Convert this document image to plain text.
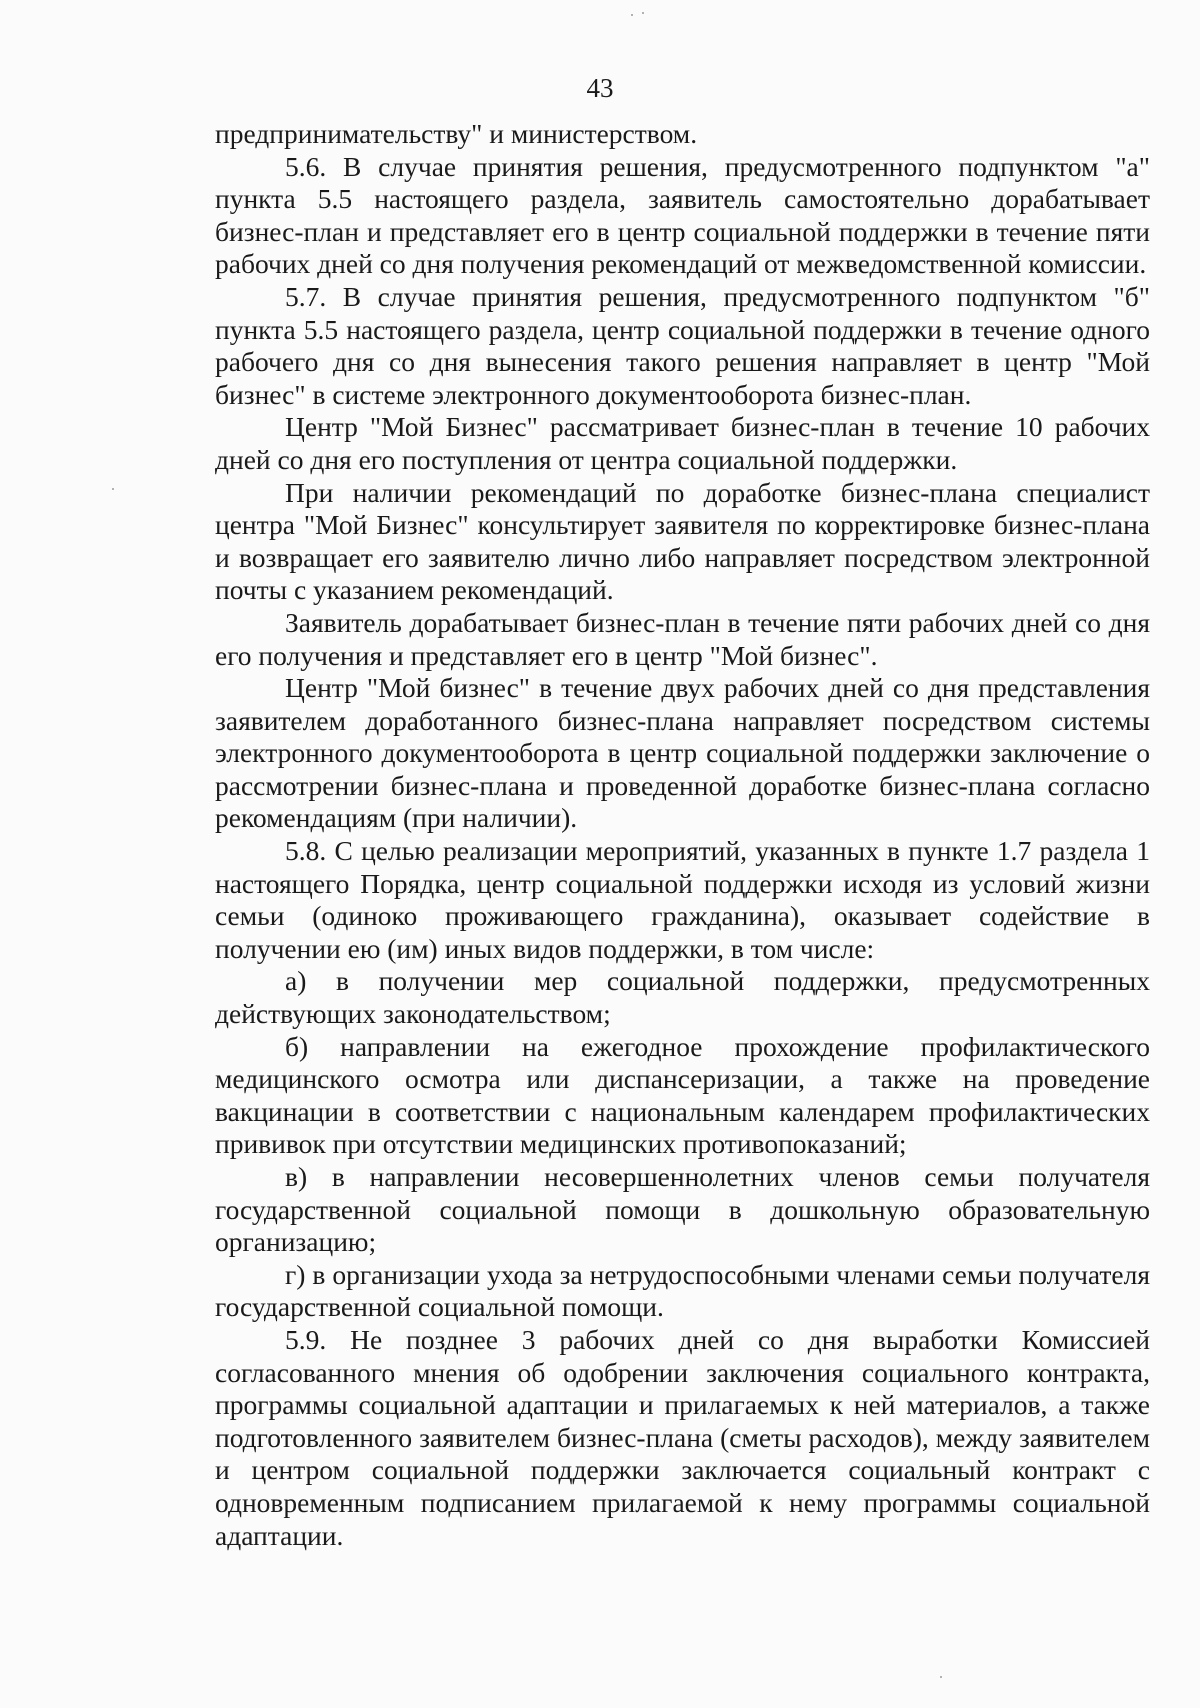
43

предпринимательству" и министерством.

5.6. В случае принятия решения, предусмотренного подпунктом "а" пункта 5.5 настоящего раздела, заявитель самостоятельно дорабатывает бизнес-план и представляет его в центр социальной поддержки в течение пяти рабочих дней со дня получения рекомендаций от межведомственной комиссии.

5.7. В случае принятия решения, предусмотренного подпунктом "б" пункта 5.5 настоящего раздела, центр социальной поддержки в течение одного рабочего дня со дня вынесения такого решения направляет в центр "Мой бизнес" в системе электронного документооборота бизнес-план.

Центр "Мой Бизнес" рассматривает бизнес-план в течение 10 рабочих дней со дня его поступления от центра социальной поддержки.

При наличии рекомендаций по доработке бизнес-плана специалист центра "Мой Бизнес" консультирует заявителя по корректировке бизнес-плана и возвращает его заявителю лично либо направляет посредством электронной почты с указанием рекомендаций.

Заявитель дорабатывает бизнес-план в течение пяти рабочих дней со дня его получения и представляет его в центр "Мой бизнес".

Центр "Мой бизнес" в течение двух рабочих дней со дня представления заявителем доработанного бизнес-плана направляет посредством системы электронного документооборота в центр социальной поддержки заключение о рассмотрении бизнес-плана и проведенной доработке бизнес-плана согласно рекомендациям (при наличии).

5.8. С целью реализации мероприятий, указанных в пункте 1.7 раздела 1 настоящего Порядка, центр социальной поддержки исходя из условий жизни семьи (одиноко проживающего гражданина), оказывает содействие в получении ею (им) иных видов поддержки, в том числе:

а) в получении мер социальной поддержки, предусмотренных действующих законодательством;

б) направлении на ежегодное прохождение профилактического медицинского осмотра или диспансеризации, а также на проведение вакцинации в соответствии с национальным календарем профилактических прививок при отсутствии медицинских противопоказаний;

в) в направлении несовершеннолетних членов семьи получателя государственной социальной помощи в дошкольную образовательную организацию;

г) в организации ухода за нетрудоспособными членами семьи получателя государственной социальной помощи.

5.9. Не позднее 3 рабочих дней со дня выработки Комиссией согласованного мнения об одобрении заключения социального контракта, программы социальной адаптации и прилагаемых к ней материалов, а также подготовленного заявителем бизнес-плана (сметы расходов), между заявителем и центром социальной поддержки заключается социальный контракт с одновременным подписанием прилагаемой к нему программы социальной адаптации.
